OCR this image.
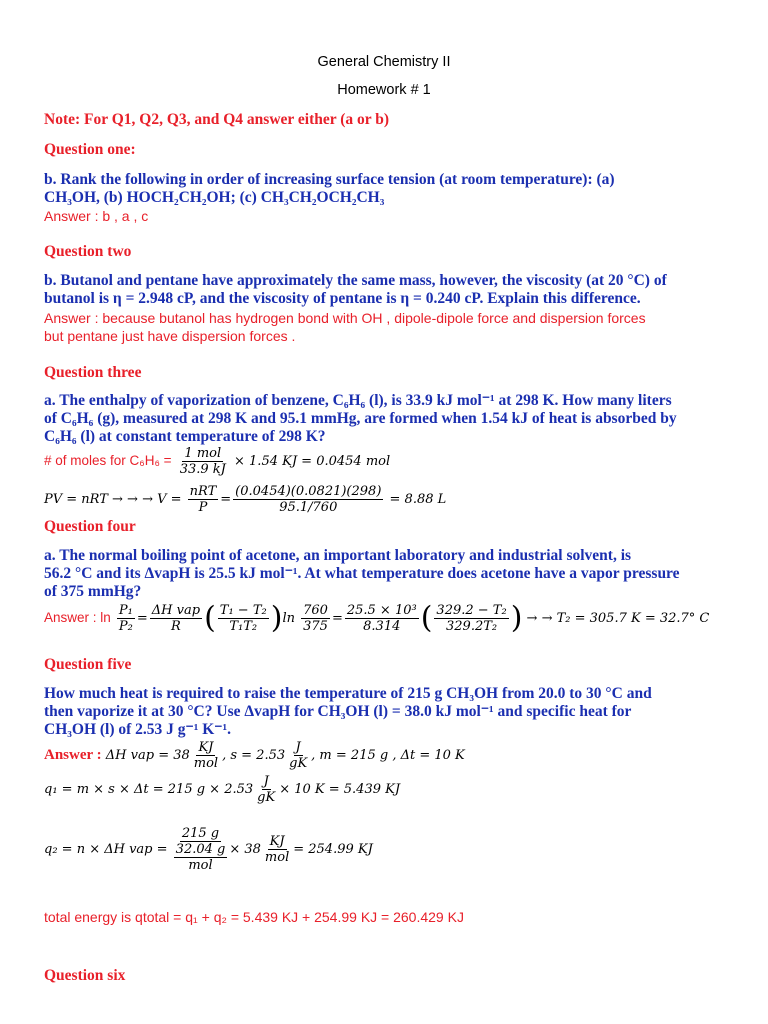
General Chemistry II
Homework # 1
Note: For Q1, Q2, Q3, and Q4 answer either (a or b)
Question one:
b. Rank the following in order of increasing surface tension (at room temperature): (a)
CH₃OH, (b) HOCH₂CH₂OH; (c) CH₃CH₂OCH₂CH₃
Answer : b , a , c
Question two
b. Butanol and pentane have approximately the same mass, however, the viscosity (at 20 °C) of
butanol is η = 2.948 cP, and the viscosity of pentane is η = 0.240 cP. Explain this difference.
Answer : because butanol has hydrogen bond with OH , dipole-dipole force and dispersion forces
but pentane just have dispersion forces .
Question three
a. The enthalpy of vaporization of benzene, C₆H₆ (l), is 33.9 kJ mol⁻¹ at 298 K. How many liters
of C₆H₆ (g), measured at 298 K and 95.1 mmHg, are formed when 1.54 kJ of heat is absorbed by
C₆H₆ (l) at constant temperature of 298 K?
# of moles for $C_6H_6 = \frac{\text{1 mol}}{33.9 kJ} \times 1.54$ KJ = 0.0454 mol
PV = nRT → → → $V = \frac{\text{nRT}}{P} = \frac{(0.0454)(0.0821)(298)}{95.1/760} = 8.88$ L
Question four
a. The normal boiling point of acetone, an important laboratory and industrial solvent, is
56.2 °C and its ΔvapH is 25.5 kJ mol⁻¹. At what temperature does acetone have a vapor pressure
of 375 mmHg?
Answer : $\ln \frac{\text{P₁}}{\text{P₂}} = \frac{\text{ΔH vap}}{R}$ ( $\frac{\text{T₁ − T₂}}{\text{T₁T₂}} )\ln \frac{760}{375} = \frac{\text{25.5 × 10³}}{8.314}$ ( $\frac{\text{329.2 − T₂}}{\text{329.2T₂}}$ ) → → T₂ = 305.7 K = 32.7° C
Question five
How much heat is required to raise the temperature of 215 g CH₃OH from 20.0 to 30 °C and
then vaporize it at 30 °C? Use ΔvapH for CH₃OH (l) = 38.0 kJ mol⁻¹ and specific heat for
CH₃OH (l) of 2.53 J g⁻¹ K⁻¹.
Answer : ΔH vap = $38 \frac{KJ}{\text{mol}}$ , $s = 2.53 \frac{J}{gK}$ , m = 215 g , Δt = 10 K
q₁ = m × s × Δt = 215 $g \times 2.53 \frac{J}{gK} \times 10$ K = 5.439 KJ
q₂ = n × ΔH vap =
215 g
32.04 g
mol
× $38 \frac{KJ}{\text{mol}} = 254.99$ KJ
total energy is qtotal = q₁ + q₂ = 5.439 KJ + 254.99 KJ = 260.429 KJ
Question six
